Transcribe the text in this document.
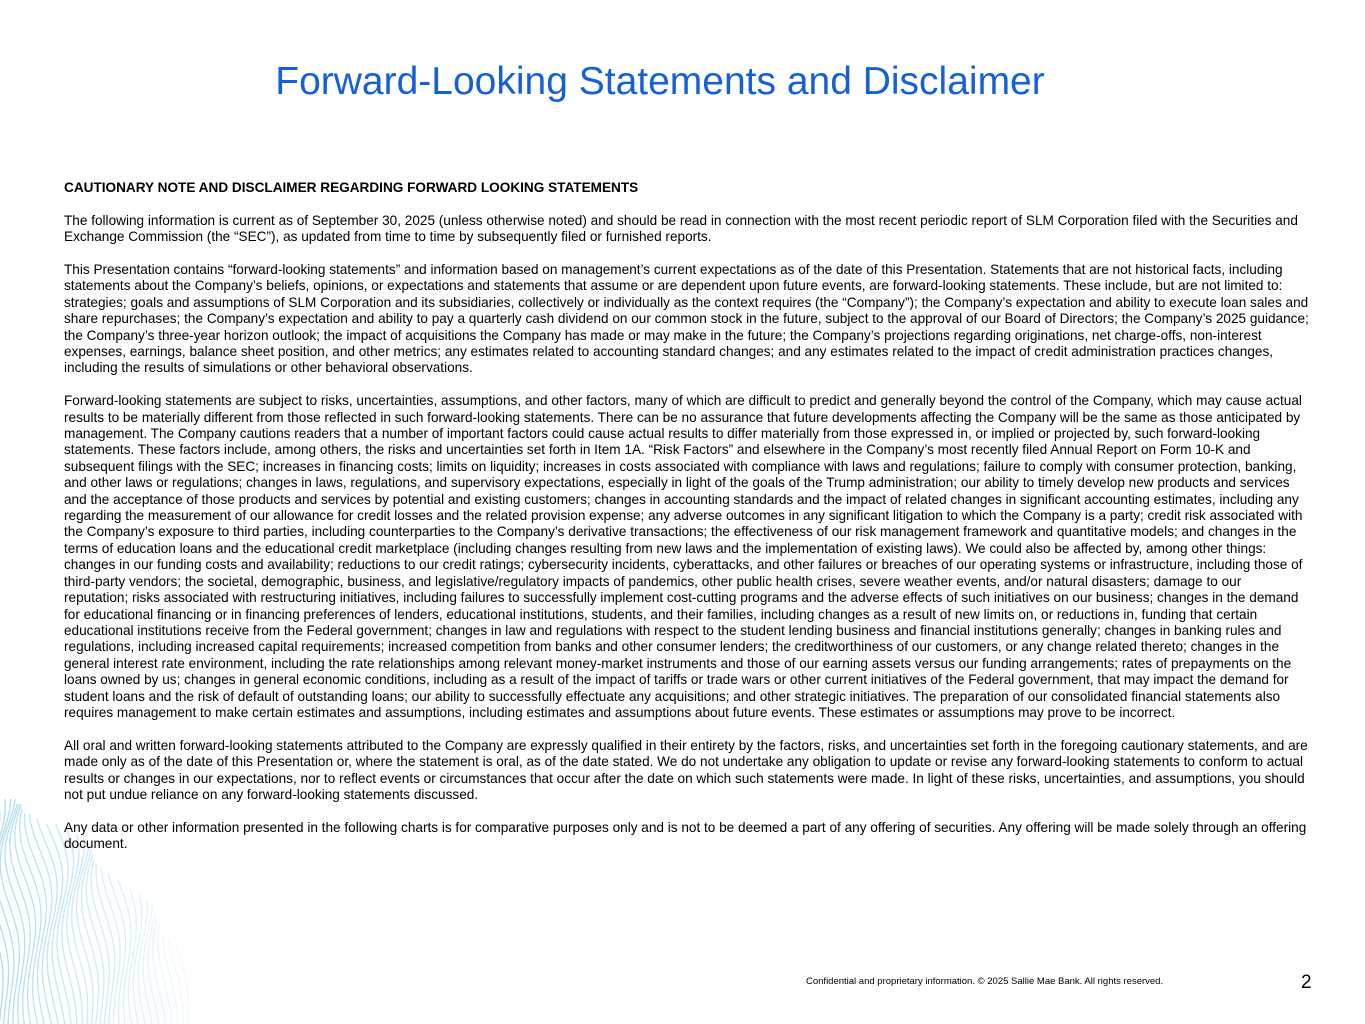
Forward-Looking Statements and Disclaimer

CAUTIONARY NOTE AND DISCLAIMER REGARDING FORWARD LOOKING STATEMENTS

The following information is current as of September 30, 2025 (unless otherwise noted) and should be read in connection with the most recent periodic report of SLM Corporation filed with the Securities and Exchange Commission (the “SEC”), as updated from time to time by subsequently filed or furnished reports.

This Presentation contains “forward-looking statements” and information based on management’s current expectations as of the date of this Presentation. Statements that are not historical facts, including statements about the Company’s beliefs, opinions, or expectations and statements that assume or are dependent upon future events, are forward-looking statements. These include, but are not limited to: strategies; goals and assumptions of SLM Corporation and its subsidiaries, collectively or individually as the context requires (the “Company”); the Company’s expectation and ability to execute loan sales and share repurchases; the Company’s expectation and ability to pay a quarterly cash dividend on our common stock in the future, subject to the approval of our Board of Directors; the Company’s 2025 guidance; the Company’s three-year horizon outlook; the impact of acquisitions the Company has made or may make in the future; the Company’s projections regarding originations, net charge-offs, non-interest expenses, earnings, balance sheet position, and other metrics; any estimates related to accounting standard changes; and any estimates related to the impact of credit administration practices changes, including the results of simulations or other behavioral observations.

Forward-looking statements are subject to risks, uncertainties, assumptions, and other factors, many of which are difficult to predict and generally beyond the control of the Company, which may cause actual results to be materially different from those reflected in such forward-looking statements. There can be no assurance that future developments affecting the Company will be the same as those anticipated by management. The Company cautions readers that a number of important factors could cause actual results to differ materially from those expressed in, or implied or projected by, such forward-looking statements. These factors include, among others, the risks and uncertainties set forth in Item 1A. “Risk Factors” and elsewhere in the Company’s most recently filed Annual Report on Form 10-K and subsequent filings with the SEC; increases in financing costs; limits on liquidity; increases in costs associated with compliance with laws and regulations; failure to comply with consumer protection, banking, and other laws or regulations; changes in laws, regulations, and supervisory expectations, especially in light of the goals of the Trump administration; our ability to timely develop new products and services and the acceptance of those products and services by potential and existing customers; changes in accounting standards and the impact of related changes in significant accounting estimates, including any regarding the measurement of our allowance for credit losses and the related provision expense; any adverse outcomes in any significant litigation to which the Company is a party; credit risk associated with the Company’s exposure to third parties, including counterparties to the Company’s derivative transactions; the effectiveness of our risk management framework and quantitative models; and changes in the terms of education loans and the educational credit marketplace (including changes resulting from new laws and the implementation of existing laws). We could also be affected by, among other things: changes in our funding costs and availability; reductions to our credit ratings; cybersecurity incidents, cyberattacks, and other failures or breaches of our operating systems or infrastructure, including those of third-party vendors; the societal, demographic, business, and legislative/regulatory impacts of pandemics, other public health crises, severe weather events, and/or natural disasters; damage to our reputation; risks associated with restructuring initiatives, including failures to successfully implement cost-cutting programs and the adverse effects of such initiatives on our business; changes in the demand for educational financing or in financing preferences of lenders, educational institutions, students, and their families, including changes as a result of new limits on, or reductions in, funding that certain educational institutions receive from the Federal government; changes in law and regulations with respect to the student lending business and financial institutions generally; changes in banking rules and regulations, including increased capital requirements; increased competition from banks and other consumer lenders; the creditworthiness of our customers, or any change related thereto; changes in the general interest rate environment, including the rate relationships among relevant money-market instruments and those of our earning assets versus our funding arrangements; rates of prepayments on the loans owned by us; changes in general economic conditions, including as a result of the impact of tariffs or trade wars or other current initiatives of the Federal government, that may impact the demand for student loans and the risk of default of outstanding loans; our ability to successfully effectuate any acquisitions; and other strategic initiatives. The preparation of our consolidated financial statements also requires management to make certain estimates and assumptions, including estimates and assumptions about future events. These estimates or assumptions may prove to be incorrect.

All oral and written forward-looking statements attributed to the Company are expressly qualified in their entirety by the factors, risks, and uncertainties set forth in the foregoing cautionary statements, and are made only as of the date of this Presentation or, where the statement is oral, as of the date stated. We do not undertake any obligation to update or revise any forward-looking statements to conform to actual results or changes in our expectations, nor to reflect events or circumstances that occur after the date on which such statements were made. In light of these risks, uncertainties, and assumptions, you should not put undue reliance on any forward-looking statements discussed.

Any data or other information presented in the following charts is for comparative purposes only and is not to be deemed a part of any offering of securities. Any offering will be made solely through an offering document.

Confidential and proprietary information. © 2025 Sallie Mae Bank. All rights reserved.	2
